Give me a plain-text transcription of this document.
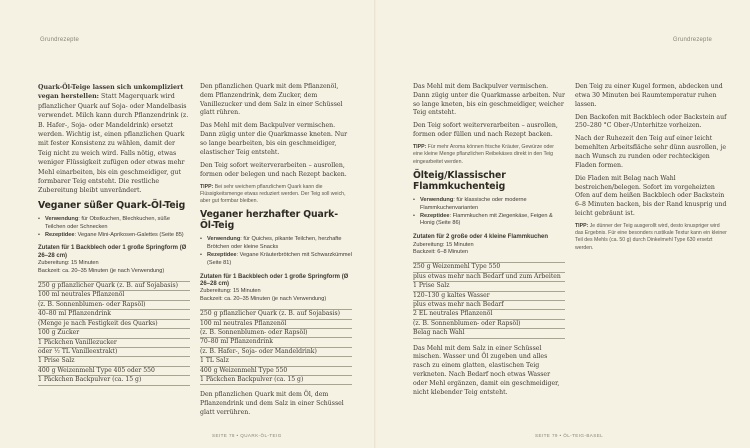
Grundrezepte

Quark-Öl-Teige lassen sich unkompliziert vegan herstellen: Statt Magerquark wird pflanzlicher Quark auf Soja- oder Mandelbasis verwendet. Milch kann durch Pflanzendrink (z. B. Hafer-, Soja- oder Mandeldrink) ersetzt werden. Wichtig ist, einen pflanzlichen Quark mit fester Konsistenz zu wählen, damit der Teig nicht zu weich wird. Falls nötig, etwas weniger Flüssigkeit zufügen oder etwas mehr Mehl einarbeiten, bis ein geschmeidiger, gut formbarer Teig entsteht. Die restliche Zubereitung bleibt unverändert.

Veganer süßer Quark-Öl-Teig
• Verwendung: für Obstkuchen, Blechkuchen, süße Teilchen oder Schnecken
• Rezeptidee: Vegane Mini-Aprikosen-Galettes (Seite 85)
Zutaten für 1 Backblech oder 1 große Springform (Ø 26–28 cm)
Zubereitung: 15 Minuten
Backzeit: ca. 20–35 Minuten (je nach Verwendung)
250 g pflanzlicher Quark (z. B. auf Sojabasis)
100 ml neutrales Pflanzenöl
(z. B. Sonnenblumen- oder Rapsöl)
40–80 ml Pflanzendrink
(Menge je nach Festigkeit des Quarks)
100 g Zucker
1 Päckchen Vanillezucker
oder ½ TL Vanilleextrakt)
1 Prise Salz
400 g Weizenmehl Type 405 oder 550
1 Päckchen Backpulver (ca. 15 g)

Den pflanzlichen Quark mit dem Pflanzenöl, dem Pflanzendrink, dem Zucker, dem Vanillezucker und dem Salz in einer Schüssel glatt rühren.

Das Mehl mit dem Backpulver vermischen. Dann zügig unter die Quarkmasse kneten. Nur so lange bearbeiten, bis ein geschmeidiger, elastischer Teig entsteht.

Den Teig sofort weiterverarbeiten – ausrollen, formen oder belegen und nach Rezept backen.

TIPP: Bei sehr weichem pflanzlichem Quark kann die Flüssigkeitsmenge etwas reduziert werden. Der Teig soll weich, aber gut formbar bleiben.

Veganer herzhafter Quark-Öl-Teig
• Verwendung: für Quiches, pikante Teilchen, herzhafte Brötchen oder kleine Snacks
• Rezeptidee: Vegane Kräuterbrötchen mit Schwarzkümmel (Seite 81)
Zutaten für 1 Backblech oder 1 große Springform (Ø 26–28 cm)
Zubereitung: 15 Minuten
Backzeit: ca. 20–35 Minuten (je nach Verwendung)
250 g pflanzlicher Quark (z. B. auf Sojabasis)
100 ml neutrales Pflanzenöl
(z. B. Sonnenblumen- oder Rapsöl)
70–80 ml Pflanzendrink
(z. B. Hafer-, Soja- oder Mandeldrink)
1 TL Salz
400 g Weizenmehl Type 550
1 Päckchen Backpulver (ca. 15 g)

Den pflanzlichen Quark mit dem Öl, dem Pflanzendrink und dem Salz in einer Schüssel glatt verrühren.

SEITE 78 • QUARK-ÖL-TEIG
Grundrezepte

Das Mehl mit dem Backpulver vermischen. Dann zügig unter die Quarkmasse arbeiten. Nur so lange kneten, bis ein geschmeidiger, weicher Teig entsteht.

Den Teig sofort weiterverarbeiten – ausrollen, formen oder füllen und nach Rezept backen.

TIPP: Für mehr Aroma können frische Kräuter, Gewürze oder eine kleine Menge pflanzlichen Reibekäses direkt in den Teig eingearbeitet werden.

Ölteig/Klassischer Flammkuchenteig
• Verwendung: für klassische oder moderne Flammkuchenvarianten
• Rezeptidee: Flammkuchen mit Ziegenkäse, Feigen & Honig (Seite 86)
Zutaten für 2 große oder 4 kleine Flammkuchen
Zubereitung: 15 Minuten
Backzeit: 6–8 Minuten
250 g Weizenmehl Type 550
plus etwas mehr nach Bedarf und zum Arbeiten
1 Prise Salz
120–130 g kaltes Wasser
plus etwas mehr nach Bedarf
2 EL neutrales Pflanzenöl
(z. B. Sonnenblumen- oder Rapsöl)
Belag nach Wahl

Das Mehl mit dem Salz in einer Schüssel mischen. Wasser und Öl zugeben und alles rasch zu einem glatten, elastischen Teig verkneten. Nach Bedarf noch etwas Wasser oder Mehl ergänzen, damit ein geschmeidiger, nicht klebender Teig entsteht.

Den Teig zu einer Kugel formen, abdecken und etwa 30 Minuten bei Raumtemperatur ruhen lassen.

Den Backofen mit Backblech oder Backstein auf 250–280 °C Ober-/Unterhitze vorheizen.

Nach der Ruhezeit den Teig auf einer leicht bemehlten Arbeitsfläche sehr dünn ausrollen, je nach Wunsch zu runden oder rechteckigen Fladen formen.

Die Fladen mit Belag nach Wahl bestreichen/belegen. Sofort im vorgeheizten Ofen auf dem heißen Backblech oder Backstein 6–8 Minuten backen, bis der Rand knusprig und leicht gebräunt ist.

TIPP: Je dünner der Teig ausgerollt wird, desto knuspriger wird das Ergebnis. Für eine besonders rustikale Textur kann ein kleiner Teil des Mehls (ca. 50 g) durch Dinkelmehl Type 630 ersetzt werden.

SEITE 79 • ÖL-TEIG-BASEL
